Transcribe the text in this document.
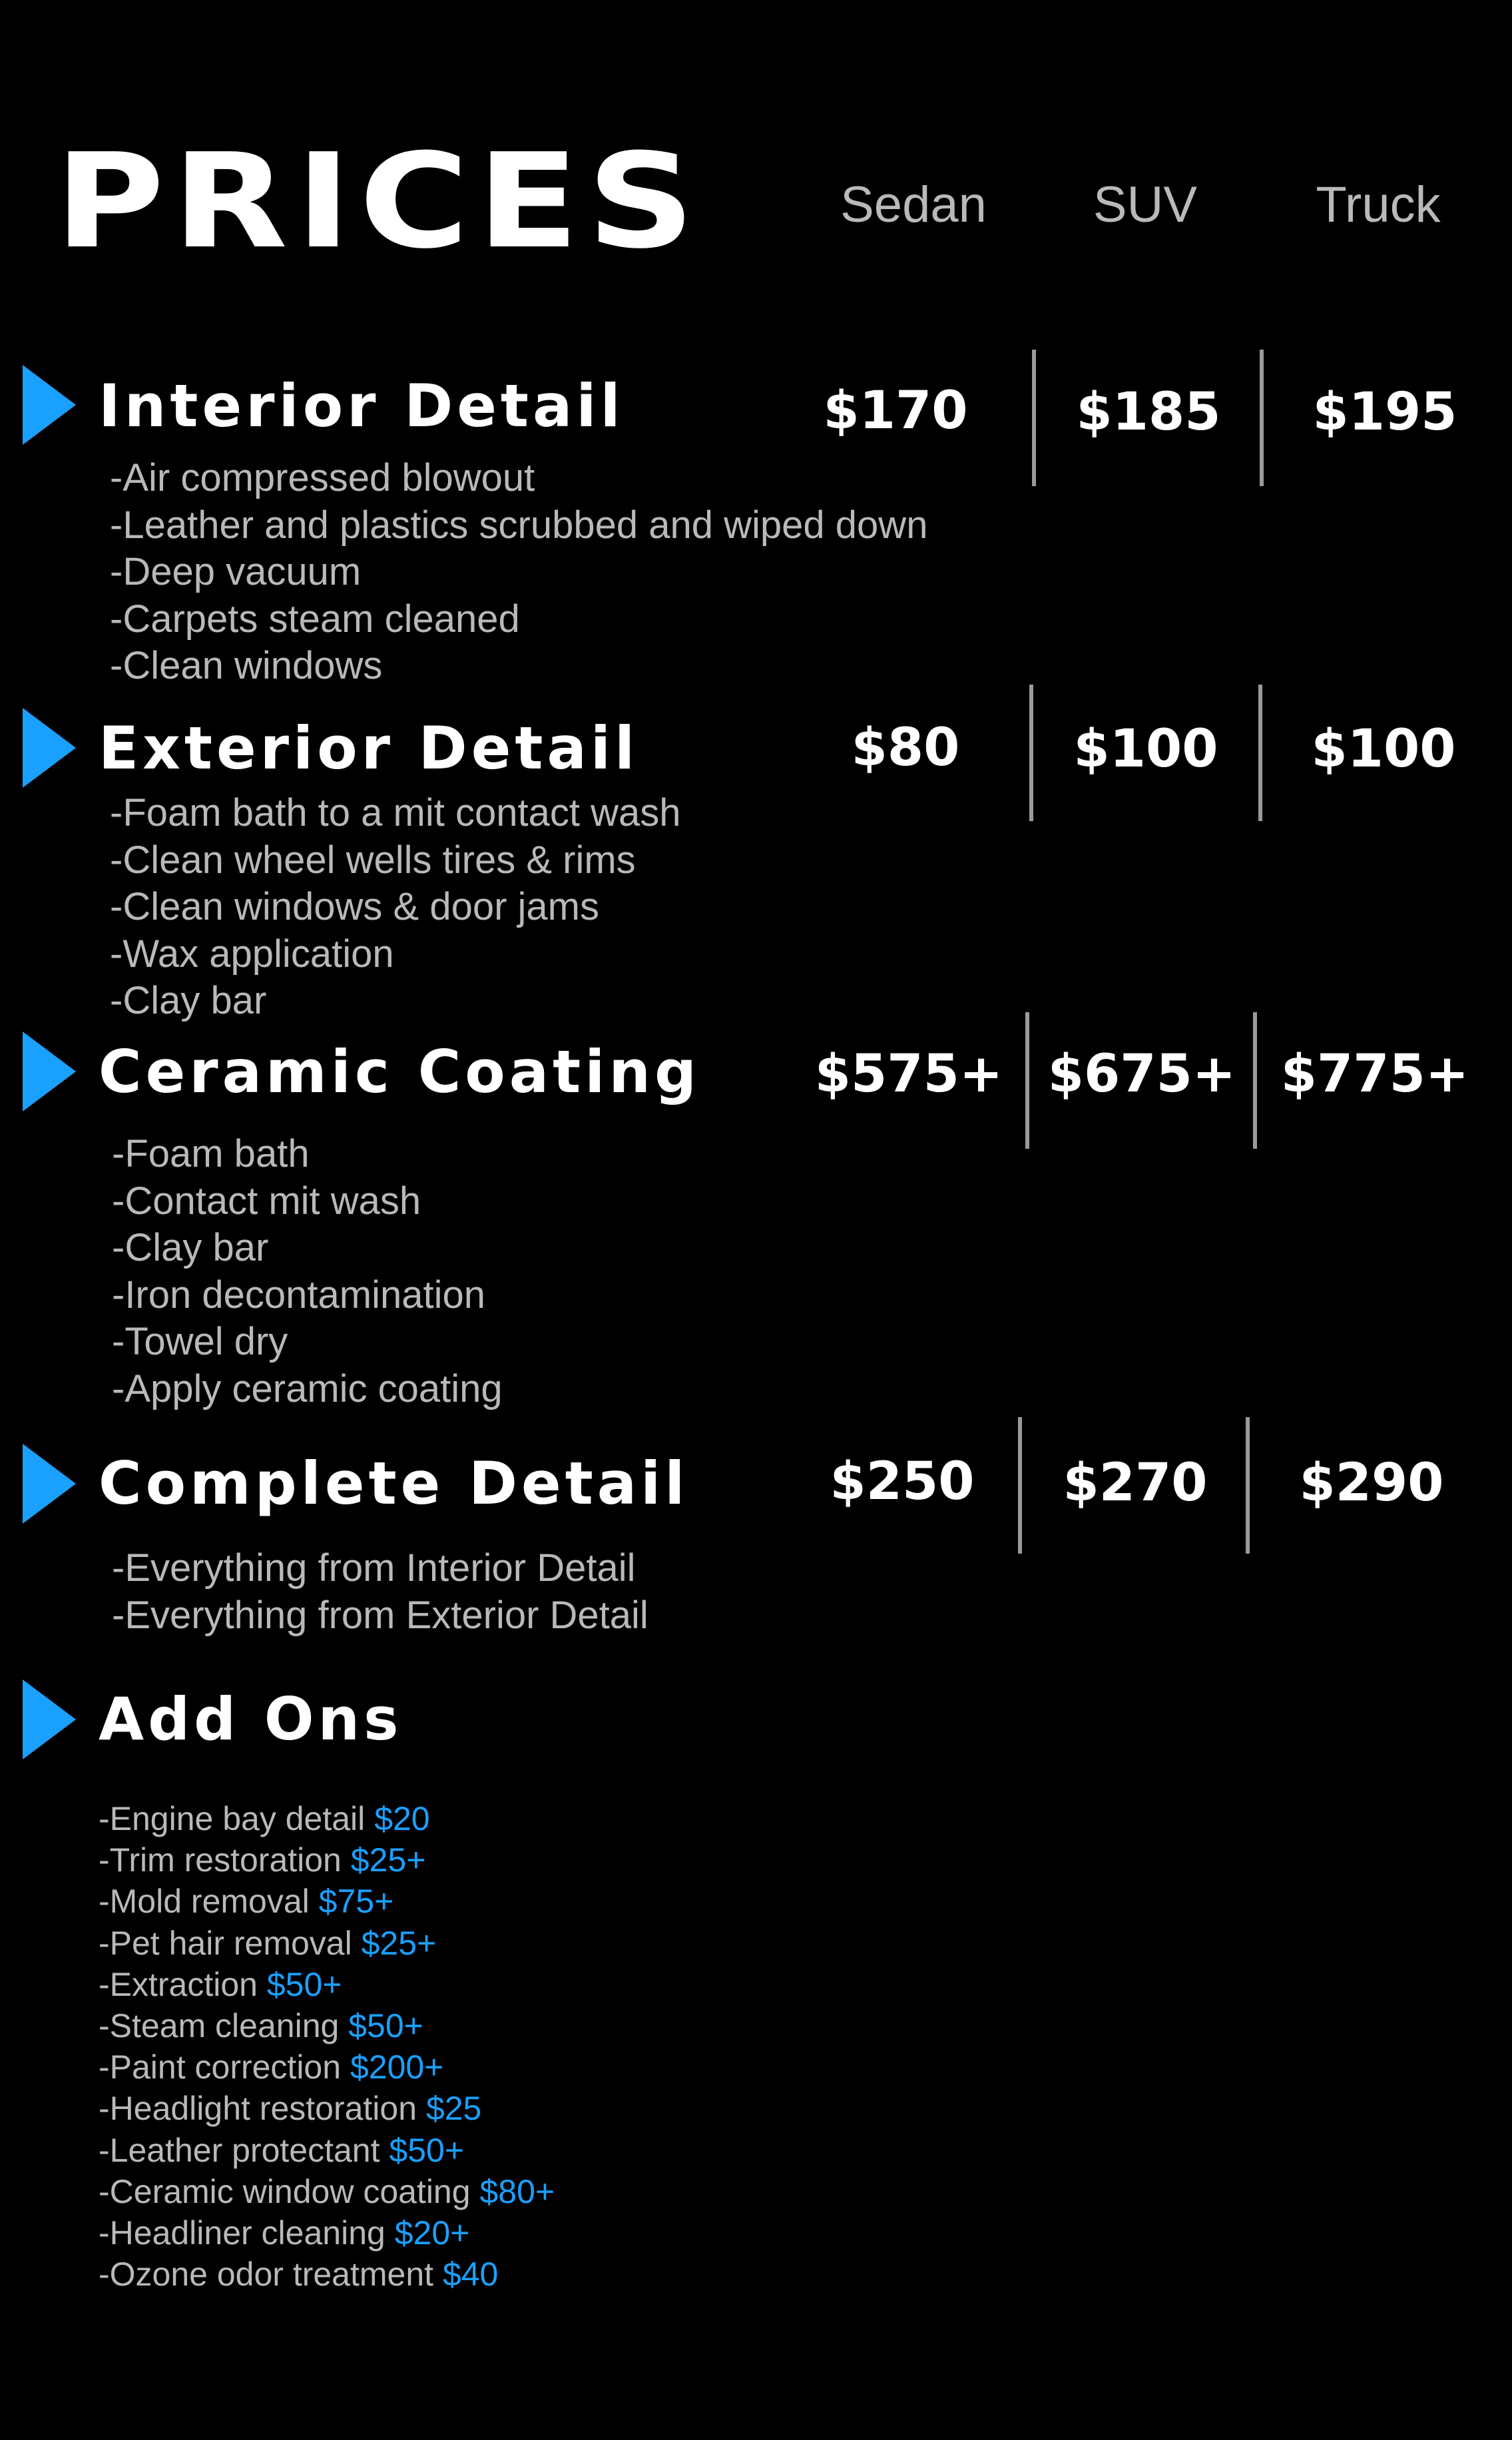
PRICES	Sedan	SUV	Truck
Interior Detail	$170	$185	$195
-Air compressed blowout
-Leather and plastics scrubbed and wiped down
-Deep vacuum
-Carpets steam cleaned
-Clean windows
Exterior Detail	$80	$100	$100
-Foam bath to a mit contact wash
-Clean wheel wells tires & rims
-Clean windows & door jams
-Wax application
-Clay bar
Ceramic Coating	$575+ $675+ $775+
-Foam bath
-Contact mit wash
-Clay bar
-Iron decontamination
-Towel dry
-Apply ceramic coating
Complete Detail	$250	$270	$290
-Everything from Interior Detail
-Everything from Exterior Detail
Add Ons
-Engine bay detail $20
-Trim restoration $25+
-Mold removal $75+
-Pet hair removal $25+
-Extraction $50+
-Steam cleaning $50+
-Paint correction $200+
-Headlight restoration $25
-Leather protectant $50+
-Ceramic window coating $80+
-Headliner cleaning $20+
-Ozone odor treatment $40
